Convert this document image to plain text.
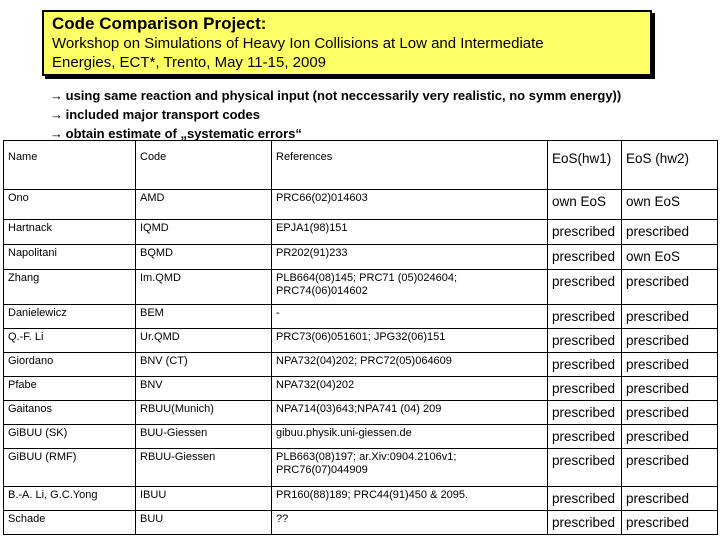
Code Comparison Project:
Workshop on Simulations of Heavy Ion Collisions at Low and Intermediate
Energies, ECT*, Trento, May 11-15, 2009
→ using same reaction and physical input (not neccessarily very realistic, no symm energy))
→ included major transport codes
→ obtain estimate of „systematic errors“
Name	Code	References	EoS(hw1)	EoS (hw2)
Ono	AMD	PRC66(02)014603	own EoS	own EoS
Hartnack	IQMD	EPJA1(98)151	prescribed	prescribed
Napolitani	BQMD	PR202(91)233	prescribed	own EoS
Zhang	Im.QMD	PLB664(08)145; PRC71 (05)024604;
PRC74(06)014602	prescribed	prescribed
Danielewicz	BEM	-	prescribed	prescribed
Q.-F. Li	Ur.QMD	PRC73(06)051601; JPG32(06)151	prescribed	prescribed
Giordano	BNV (CT)	NPA732(04)202; PRC72(05)064609	prescribed	prescribed
Pfabe	BNV	NPA732(04)202	prescribed	prescribed
Gaitanos	RBUU(Munich)	NPA714(03)643;NPA741 (04) 209	prescribed	prescribed
GiBUU (SK)	BUU-Giessen	gibuu.physik.uni-giessen.de	prescribed	prescribed
GiBUU (RMF)	RBUU-Giessen	PLB663(08)197; ar.Xiv:0904.2106v1;
PRC76(07)044909	prescribed	prescribed
B.-A. Li, G.C.Yong	IBUU	PR160(88)189; PRC44(91)450 & 2095.	prescribed	prescribed
Schade	BUU	??	prescribed	prescribed
